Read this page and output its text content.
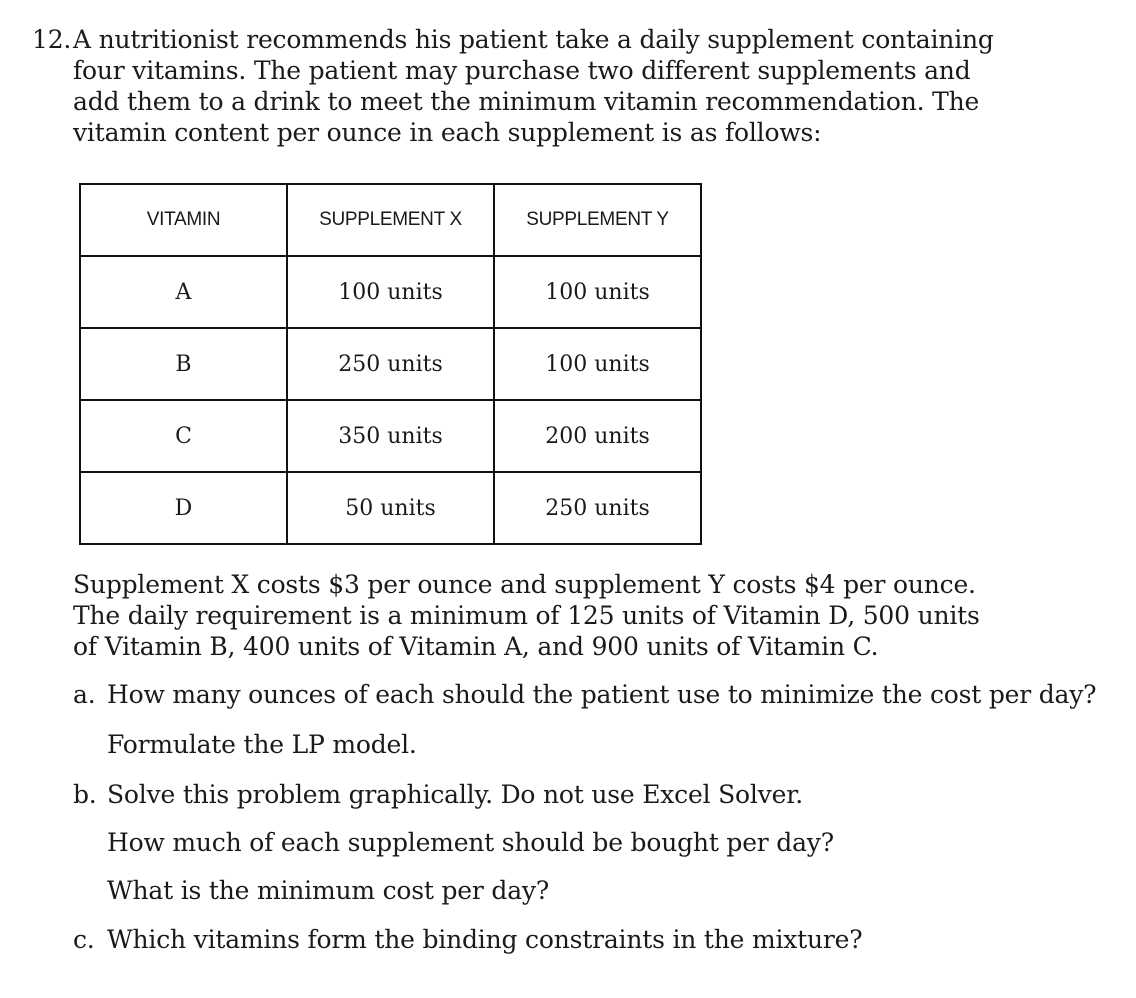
12.A nutritionist recommends his patient take a daily supplement containing four vitamins. The patient may purchase two different supplements and add them to a drink to meet the minimum vitamin recommendation. The vitamin content per ounce in each supplement is as follows:

VITAMIN	SUPPLEMENT X	SUPPLEMENT Y
A	100 units	100 units
B	250 units	100 units
C	350 units	200 units
D	50 units	250 units

Supplement X costs $3 per ounce and supplement Y costs $4 per ounce. The daily requirement is a minimum of 125 units of Vitamin D, 500 units of Vitamin B, 400 units of Vitamin A, and 900 units of Vitamin C.

a. How many ounces of each should the patient use to minimize the cost per day?
Formulate the LP model.
b. Solve this problem graphically. Do not use Excel Solver.
How much of each supplement should be bought per day?
What is the minimum cost per day?
c. Which vitamins form the binding constraints in the mixture?
